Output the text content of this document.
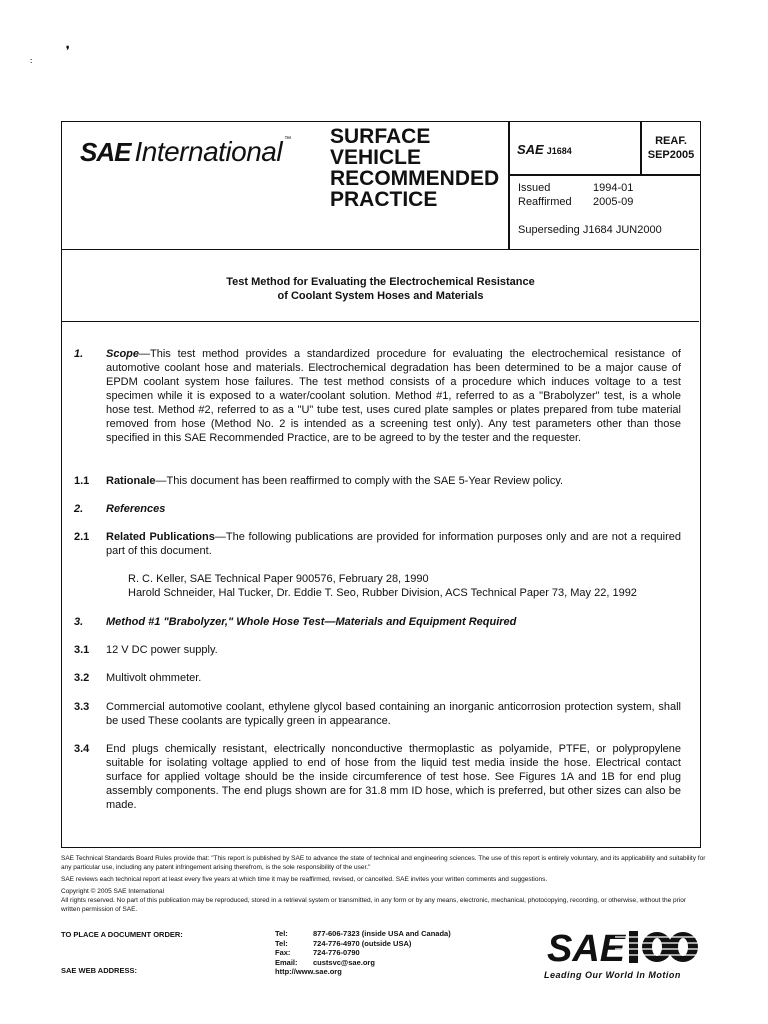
❜
:
SAE International ™ SURFACE
VEHICLE
RECOMMENDED
PRACTICE
SAE J1684
REAF.
SEP2005
Issued	1994-01
Reaffirmed	2005-09
Superseding J1684 JUN2000
Test Method for Evaluating the Electrochemical Resistance
of Coolant System Hoses and Materials
1. Scope—This test method provides a standardized procedure for evaluating the electrochemical resistance of automotive coolant hose and materials. Electrochemical degradation has been determined to be a major cause of EPDM coolant system hose failures. The test method consists of a procedure which induces voltage to a test specimen while it is exposed to a water/coolant solution. Method #1, referred to as a "Brabolyzer" test, is a whole hose test. Method #2, referred to as a "U" tube test, uses cured plate samples or plates prepared from tube material removed from hose (Method No. 2 is intended as a screening test only). Any test parameters other than those specified in this SAE Recommended Practice, are to be agreed to by the tester and the requester.
1.1 Rationale—This document has been reaffirmed to comply with the SAE 5-Year Review policy.
2. References
2.1 Related Publications—The following publications are provided for information purposes only and are not a required part of this document.
R. C. Keller, SAE Technical Paper 900576, February 28, 1990
Harold Schneider, Hal Tucker, Dr. Eddie T. Seo, Rubber Division, ACS Technical Paper 73, May 22, 1992
3. Method #1 "Brabolyzer," Whole Hose Test—Materials and Equipment Required
3.1 12 V DC power supply.
3.2 Multivolt ohmmeter.
3.3 Commercial automotive coolant, ethylene glycol based containing an inorganic anticorrosion protection system, shall be used These coolants are typically green in appearance.
3.4 End plugs chemically resistant, electrically nonconductive thermoplastic as polyamide, PTFE, or polypropylene suitable for isolating voltage applied to end of hose from the liquid test media inside the hose. Electrical contact surface for applied voltage should be the inside circumference of test hose. See Figures 1A and 1B for end plug assembly components. The end plugs shown are for 31.8 mm ID hose, which is preferred, but other sizes can also be made.

SAE Technical Standards Board Rules provide that: "This report is published by SAE to advance the state of technical and engineering sciences. The use of this report is entirely voluntary, and its applicability and suitability for any particular use, including any patent infringement arising therefrom, is the sole responsibility of the user."

SAE reviews each technical report at least every five years at which time it may be reaffirmed, revised, or cancelled. SAE invites your written comments and suggestions.

Copyright © 2005 SAE International

All rights reserved. No part of this publication may be reproduced, stored in a retrieval system or transmitted, in any form or by any means, electronic, mechanical, photocopying, recording, or otherwise, without the prior written permission of SAE.

TO PLACE A DOCUMENT ORDER:
SAE WEB ADDRESS:
Tel:	877-606-7323 (inside USA and Canada)
Tel:	724-776-4970 (outside USA)
Fax:	724-776-0790
Email:	custsvc@sae.org
http://www.sae.org
SAE
Leading Our World In Motion
